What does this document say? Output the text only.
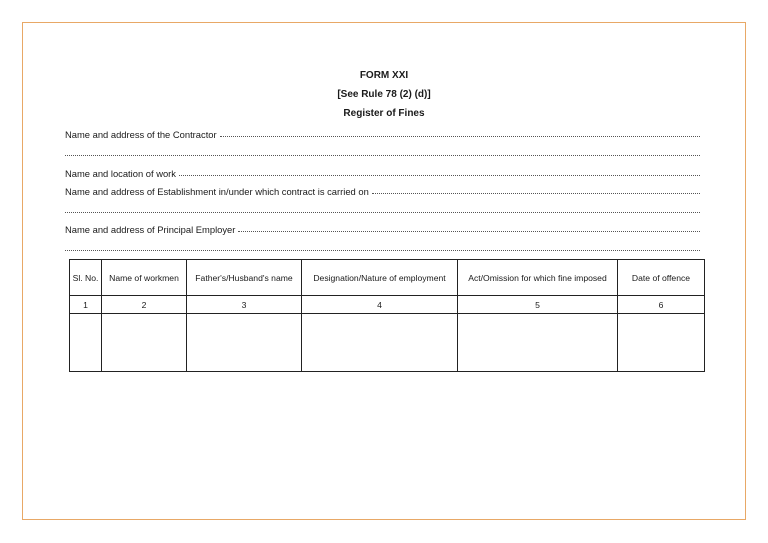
FORM XXI
[See Rule 78 (2) (d)]
Register of Fines
Name and address of the Contractor
Name and location of work
Name and address of Establishment in/under which contract is carried on
Name and address of Principal Employer
Sl. No.	Name of workmen	Father's/Husband's name	Designation/Nature of employment	Act/Omission for which fine imposed	Date of offence
1	2	3	4	5	6
